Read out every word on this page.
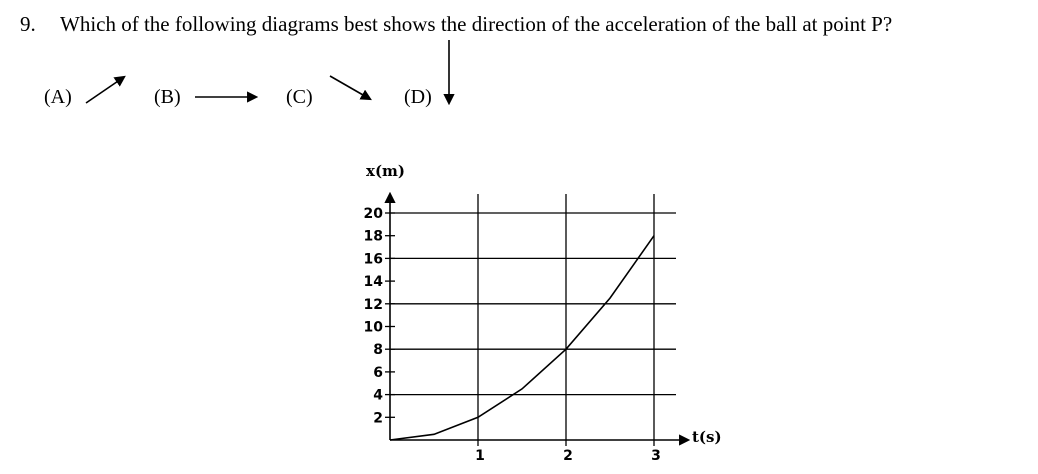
9. Which of the following diagrams best shows the direction of the acceleration of the ball at point P?
(A)	(B)	(C)	(D)
2
4
6
8
10
12
14
16
18
20
1	2	3
x(m)
t(s)
